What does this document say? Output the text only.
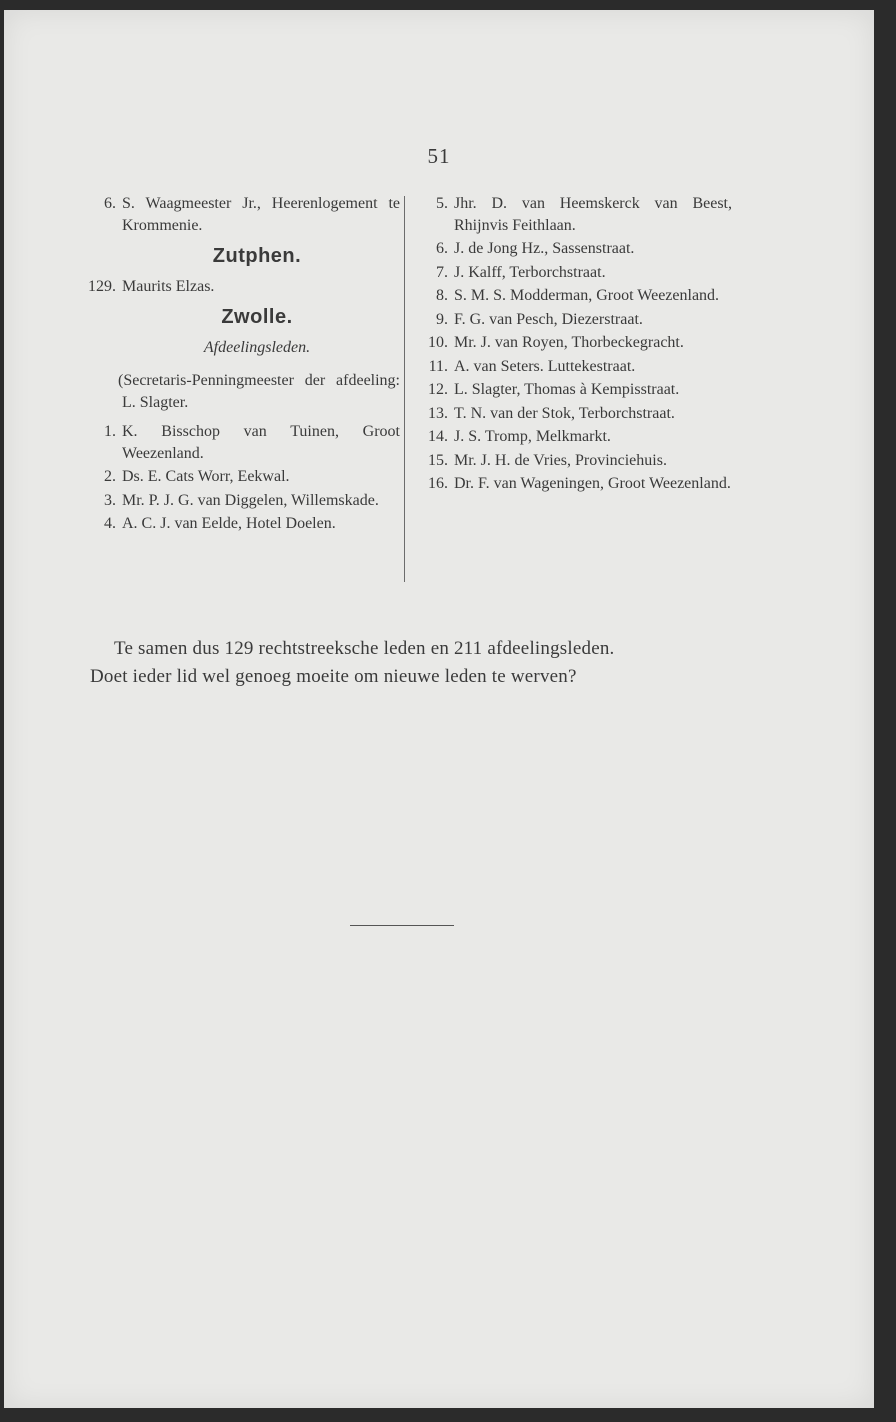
51
6. S. Waagmeester Jr., Heerenlogement te Krommenie.
Zutphen.
129. Maurits Elzas.
Zwolle.
Afdeelingsleden.
(Secretaris-Penningmeester der afdeeling: L. Slagter.
1. K. Bisschop van Tuinen, Groot Weezenland.
2. Ds. E. Cats Worr, Eekwal.
3. Mr. P. J. G. van Diggelen, Willemskade.
4. A. C. J. van Eelde, Hotel Doelen.
5. Jhr. D. van Heemskerck van Beest, Rhijnvis Feithlaan.
6. J. de Jong Hz., Sassenstraat.
7. J. Kalff, Terborchstraat.
8. S. M. S. Modderman, Groot Weezenland.
9. F. G. van Pesch, Diezerstraat.
10. Mr. J. van Royen, Thorbeckegracht.
11. A. van Seters. Luttekestraat.
12. L. Slagter, Thomas à Kempisstraat.
13. T. N. van der Stok, Terborchstraat.
14. J. S. Tromp, Melkmarkt.
15. Mr. J. H. de Vries, Provinciehuis.
16. Dr. F. van Wageningen, Groot Weezenland.

Te samen dus 129 rechtstreeksche leden en 211 afdeelingsleden.

Doet ieder lid wel genoeg moeite om nieuwe leden te werven?
